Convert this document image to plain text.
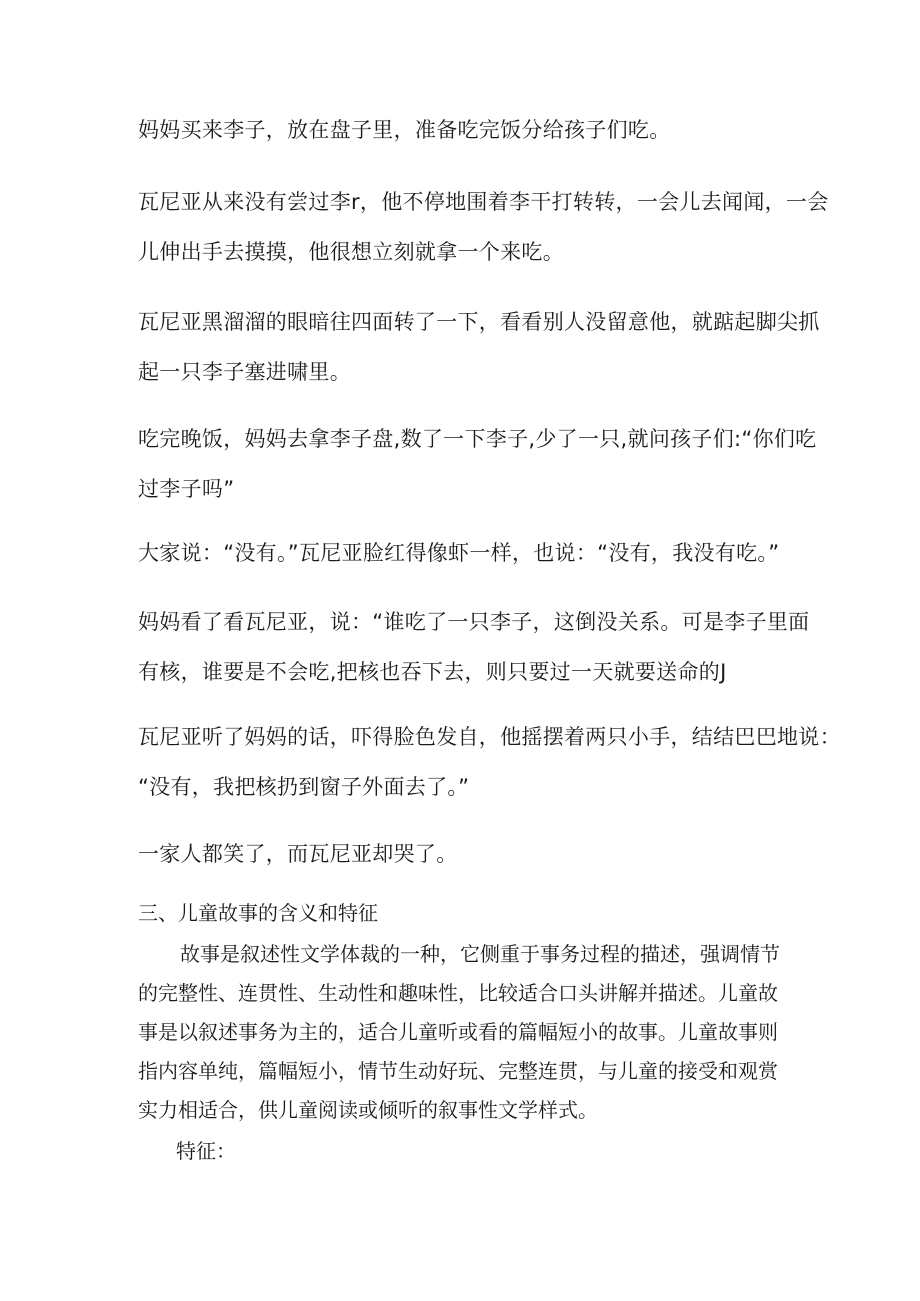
妈妈买来李子，放在盘子里，准备吃完饭分给孩子们吃。

瓦尼亚从来没有尝过李r，他不停地围着李干打转转，一会儿去闻闻，一会
儿伸出手去摸摸，他很想立刻就拿一个来吃。

瓦尼亚黑溜溜的眼暗往四面转了一下，看看别人没留意他，就踮起脚尖抓
起一只李子塞进啸里。

吃完晚饭，妈妈去拿李子盘,数了一下李子,少了一只,就问孩子们:“你们吃
过李子吗”

大家说：“没有。”瓦尼亚脸红得像虾一样，也说：“没有，我没有吃。”

妈妈看了看瓦尼亚，说：“谁吃了一只李子，这倒没关系。可是李子里面
有核，谁要是不会吃,把核也吞下去，则只要过一天就要送命的J

瓦尼亚听了妈妈的话，吓得脸色发自，他摇摆着两只小手，结结巴巴地说：
“没有，我把核扔到窗子外面去了。”

一家人都笑了，而瓦尼亚却哭了。

三、儿童故事的含义和特征

故事是叙述性文学体裁的一种，它侧重于事务过程的描述，强调情节
的完整性、连贯性、生动性和趣味性，比较适合口头讲解并描述。儿童故
事是以叙述事务为主的，适合儿童听或看的篇幅短小的故事。儿童故事则
指内容单纯，篇幅短小，情节生动好玩、完整连贯，与儿童的接受和观赏
实力相适合，供儿童阅读或倾听的叙事性文学样式。

特征：
